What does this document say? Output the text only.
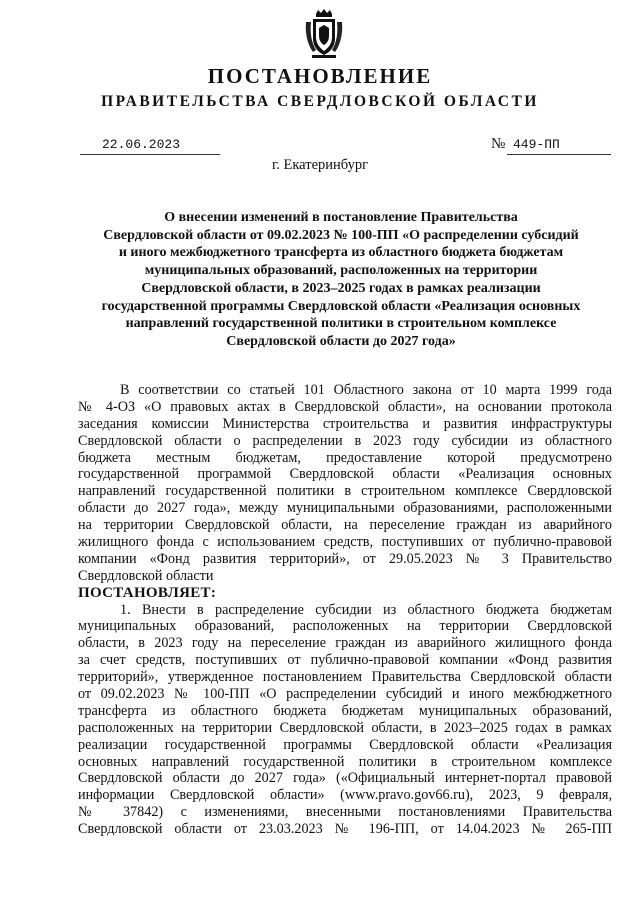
ПОСТАНОВЛЕНИЕ
ПРАВИТЕЛЬСТВА СВЕРДЛОВСКОЙ ОБЛАСТИ
22.06.2023	№ 449-ПП
г. Екатеринбург
О внесении изменений в постановление Правительства
Свердловской области от 09.02.2023 № 100-ПП «О распределении субсидий
и иного межбюджетного трансферта из областного бюджета бюджетам
муниципальных образований, расположенных на территории
Свердловской области, в 2023–2025 годах в рамках реализации
государственной программы Свердловской области «Реализация основных
направлений государственной политики в строительном комплексе
Свердловской области до 2027 года»
В соответствии со статьей 101 Областного закона от 10 марта 1999 года
№ 4-ОЗ «О правовых актах в Свердловской области», на основании протокола
заседания комиссии Министерства строительства и развития инфраструктуры
Свердловской области о распределении в 2023 году субсидии из областного
бюджета местным бюджетам, предоставление которой предусмотрено
государственной программой Свердловской области «Реализация основных
направлений государственной политики в строительном комплексе Свердловской
области до 2027 года», между муниципальными образованиями, расположенными
на территории Свердловской области, на переселение граждан из аварийного
жилищного фонда с использованием средств, поступивших от публично-правовой
компании «Фонд развития территорий», от 29.05.2023 № 3 Правительство
Свердловской области
ПОСТАНОВЛЯЕТ:
1. Внести в распределение субсидии из областного бюджета бюджетам
муниципальных образований, расположенных на территории Свердловской
области, в 2023 году на переселение граждан из аварийного жилищного фонда
за счет средств, поступивших от публично-правовой компании «Фонд развития
территорий», утвержденное постановлением Правительства Свердловской области
от 09.02.2023 № 100-ПП «О распределении субсидий и иного межбюджетного
трансферта из областного бюджета бюджетам муниципальных образований,
расположенных на территории Свердловской области, в 2023–2025 годах в рамках
реализации государственной программы Свердловской области «Реализация
основных направлений государственной политики в строительном комплексе
Свердловской области до 2027 года» («Официальный интернет-портал правовой
информации Свердловской области» (www.pravo.gov66.ru), 2023, 9 февраля,
№ 37842) с изменениями, внесенными постановлениями Правительства
Свердловской области от 23.03.2023 № 196-ПП, от 14.04.2023 № 265-ПП
